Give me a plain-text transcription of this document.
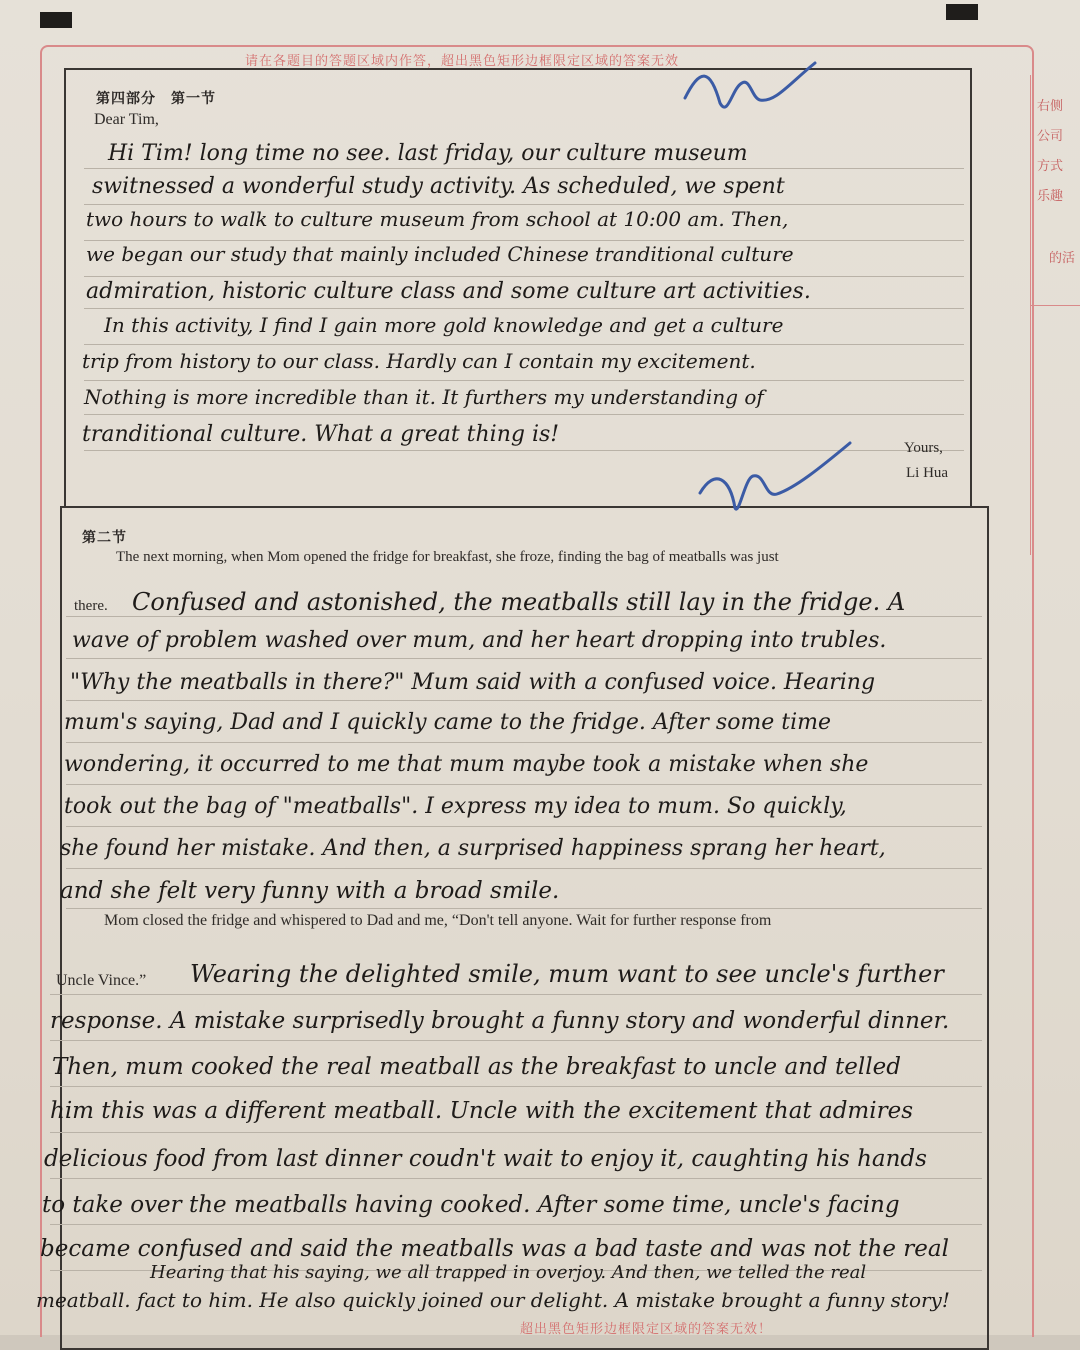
请在各题目的答题区域内作答，超出黑色矩形边框限定区域的答案无效
右侧
公司
方式
乐趣
的活
第四部分　第一节
Dear Tim,
Hi Tim! long time no see. last friday, our culture museum
switnessed a wonderful study activity. As scheduled, we spent
two hours to walk to culture museum from school at 10:00 am. Then,
we began our study that mainly included Chinese tranditional culture
admiration, historic culture class and some culture art activities.
In this activity, I find I gain more gold knowledge and get a culture
trip from history to our class. Hardly can I contain my excitement.
Nothing is more incredible than it. It furthers my understanding of
tranditional culture. What a great thing is!
Yours,
Li Hua
第二节
The next morning, when Mom opened the fridge for breakfast, she froze, finding the bag of meatballs was just
there. Confused and astonished, the meatballs still lay in the fridge. A
wave of problem washed over mum, and her heart dropping into trubles.
"Why the meatballs in there?" Mum said with a confused voice. Hearing
mum's saying, Dad and I quickly came to the fridge. After some time
wondering, it occurred to me that mum maybe took a mistake when she
took out the bag of "meatballs". I express my idea to mum. So quickly,
she found her mistake. And then, a surprised happiness sprang her heart,
and she felt very funny with a broad smile.
Mom closed the fridge and whispered to Dad and me, “Don't tell anyone. Wait for further response from
Uncle Vince.” Wearing the delighted smile, mum want to see uncle's further
response. A mistake surprisedly brought a funny story and wonderful dinner.
Then, mum cooked the real meatball as the breakfast to uncle and telled
him this was a different meatball. Uncle with the excitement that admires
delicious food from last dinner coudn't wait to enjoy it, caughting his hands
to take over the meatballs having cooked. After some time, uncle's facing
became confused and said the meatballs was a bad taste and was not the real
Hearing that his saying, we all trapped in overjoy. And then, we telled the real
meatball. fact to him. He also quickly joined our delight. A mistake brought a funny story!
超出黑色矩形边框限定区域的答案无效！
